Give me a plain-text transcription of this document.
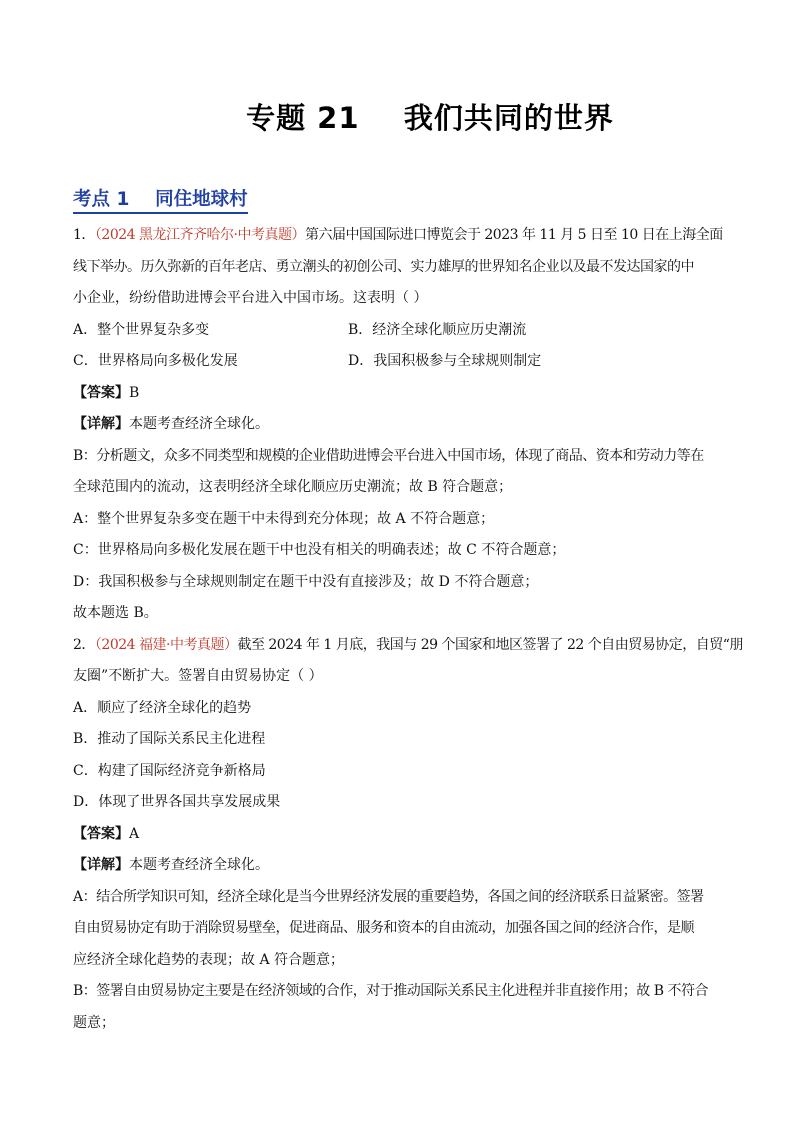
专题 21    我们共同的世界
考点 1    同住地球村
1．（2024 黑龙江齐齐哈尔·中考真题）第六届中国国际进口博览会于 2023 年 11 月 5 日至 10 日在上海全面
线下举办。历久弥新的百年老店、勇立潮头的初创公司、实力雄厚的世界知名企业以及最不发达国家的中
小企业，纷纷借助进博会平台进入中国市场。这表明（ ）
A．整个世界复杂多变	B．经济全球化顺应历史潮流
C．世界格局向多极化发展	D．我国积极参与全球规则制定
【答案】B
【详解】本题考查经济全球化。
B：分析题文，众多不同类型和规模的企业借助进博会平台进入中国市场，体现了商品、资本和劳动力等在
全球范围内的流动，这表明经济全球化顺应历史潮流；故 B 符合题意；
A：整个世界复杂多变在题干中未得到充分体现；故 A 不符合题意；
C：世界格局向多极化发展在题干中也没有相关的明确表述；故 C 不符合题意；
D：我国积极参与全球规则制定在题干中没有直接涉及；故 D 不符合题意；
故本题选 B。
2．（2024 福建·中考真题）截至 2024 年 1 月底，我国与 29 个国家和地区签署了 22 个自由贸易协定，自贸“朋
友圈”不断扩大。签署自由贸易协定（ ）
A．顺应了经济全球化的趋势
B．推动了国际关系民主化进程
C．构建了国际经济竞争新格局
D．体现了世界各国共享发展成果
【答案】A
【详解】本题考查经济全球化。
A：结合所学知识可知，经济全球化是当今世界经济发展的重要趋势，各国之间的经济联系日益紧密。签署
自由贸易协定有助于消除贸易壁垒，促进商品、服务和资本的自由流动，加强各国之间的经济合作，是顺
应经济全球化趋势的表现；故 A 符合题意；
B：签署自由贸易协定主要是在经济领域的合作，对于推动国际关系民主化进程并非直接作用；故 B 不符合
题意；
